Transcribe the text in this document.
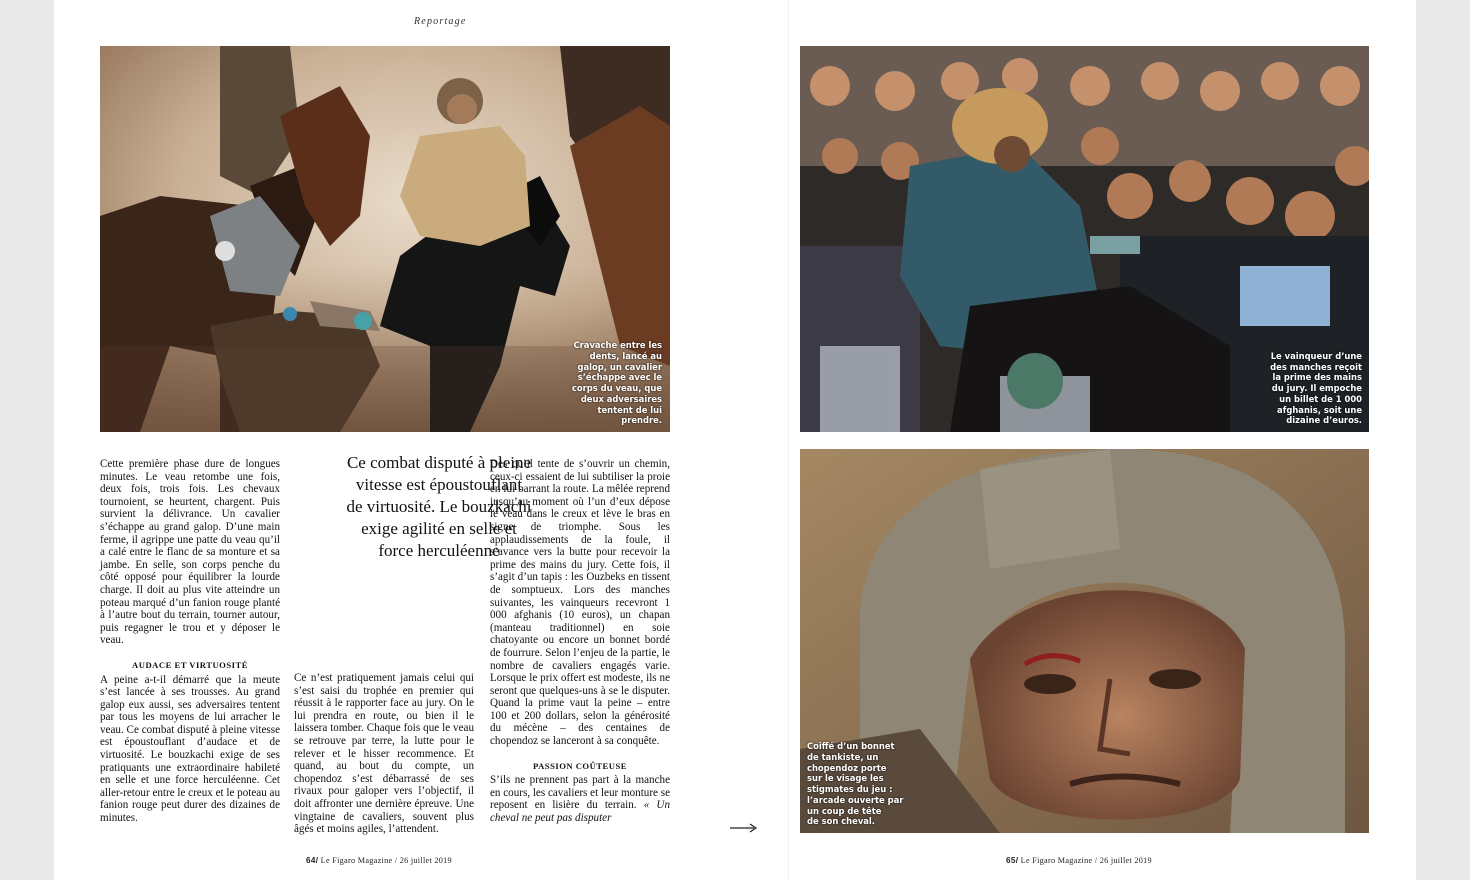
Reportage
Cravache entre les
dents, lancé au
galop, un cavalier
s’échappe avec le
corps du veau, que
deux adversaires
tentent de lui
prendre.
Le vainqueur d’une
des manches reçoit
la prime des mains
du jury. Il empoche
un billet de 1 000
afghanis, soit une
dizaine d’euros.
Coiffé d’un bonnet
de tankiste, un
chopendoz porte
sur le visage les
stigmates du jeu :
l’arcade ouverte par
un coup de tête
de son cheval.

Cette première phase dure de longues minutes. Le veau retombe une fois, deux fois, trois fois. Les chevaux tournoient, se heurtent, chargent. Puis survient la délivrance. Un cavalier s’échappe au grand galop. D’une main ferme, il agrippe une patte du veau qu’il a calé entre le flanc de sa monture et sa jambe. En selle, son corps penche du côté opposé pour équilibrer la lourde charge. Il doit au plus vite atteindre un poteau marqué d’un fanion rouge planté à l’autre bout du terrain, tourner autour, puis regagner le trou et y déposer le veau.

AUDACE ET VIRTUOSITÉ

A peine a-t-il démarré que la meute s’est lancée à ses trousses. Au grand galop eux aussi, ses adversaires tentent par tous les moyens de lui arracher le veau. Ce combat disputé à pleine vitesse est époustouflant d’audace et de virtuosité. Le bouzkachi exige de ses pratiquants une extraordinaire habileté en selle et une force herculéenne. Cet aller-retour entre le creux et le poteau au fanion rouge peut durer des dizaines de minutes.

Ce combat disputé à pleine vitesse est époustouflant de virtuosité. Le bouzkachi exige agilité en selle et force herculéenne

Ce n’est pratiquement jamais celui qui s’est saisi du trophée en premier qui réussit à le rapporter face au jury. On le lui prendra en route, ou bien il le laissera tomber. Chaque fois que le veau se retrouve par terre, la lutte pour le relever et le hisser recommence. Et quand, au bout du compte, un chopendoz s’est débarrassé de ses rivaux pour galoper vers l’objectif, il doit affronter une dernière épreuve. Une vingtaine de cavaliers, souvent plus âgés et moins agiles, l’attendent.

Dès qu’il tente de s’ouvrir un chemin, ceux-ci essaient de lui subtiliser la proie en lui barrant la route. La mêlée reprend jusqu’au moment où l’un d’eux dépose le veau dans le creux et lève le bras en signe de triomphe. Sous les applaudissements de la foule, il s’avance vers la butte pour recevoir la prime des mains du jury. Cette fois, il s’agit d’un tapis : les Ouzbeks en tissent de somptueux. Lors des manches suivantes, les vainqueurs recevront 1 000 afghanis (10 euros), un chapan (manteau traditionnel) en soie chatoyante ou encore un bonnet bordé de fourrure. Selon l’enjeu de la partie, le nombre de cavaliers engagés varie. Lorsque le prix offert est modeste, ils ne seront que quelques-uns à se le disputer. Quand la prime vaut la peine – entre 100 et 200 dollars, selon la générosité du mécène – des centaines de chopendoz se lanceront à sa conquête.

PASSION COÛTEUSE

S’ils ne prennent pas part à la manche en cours, les cavaliers et leur monture se reposent en lisière du terrain. « Un cheval ne peut pas disputer

64/ Le Figaro Magazine / 26 juillet 2019	65/ Le Figaro Magazine / 26 juillet 2019
